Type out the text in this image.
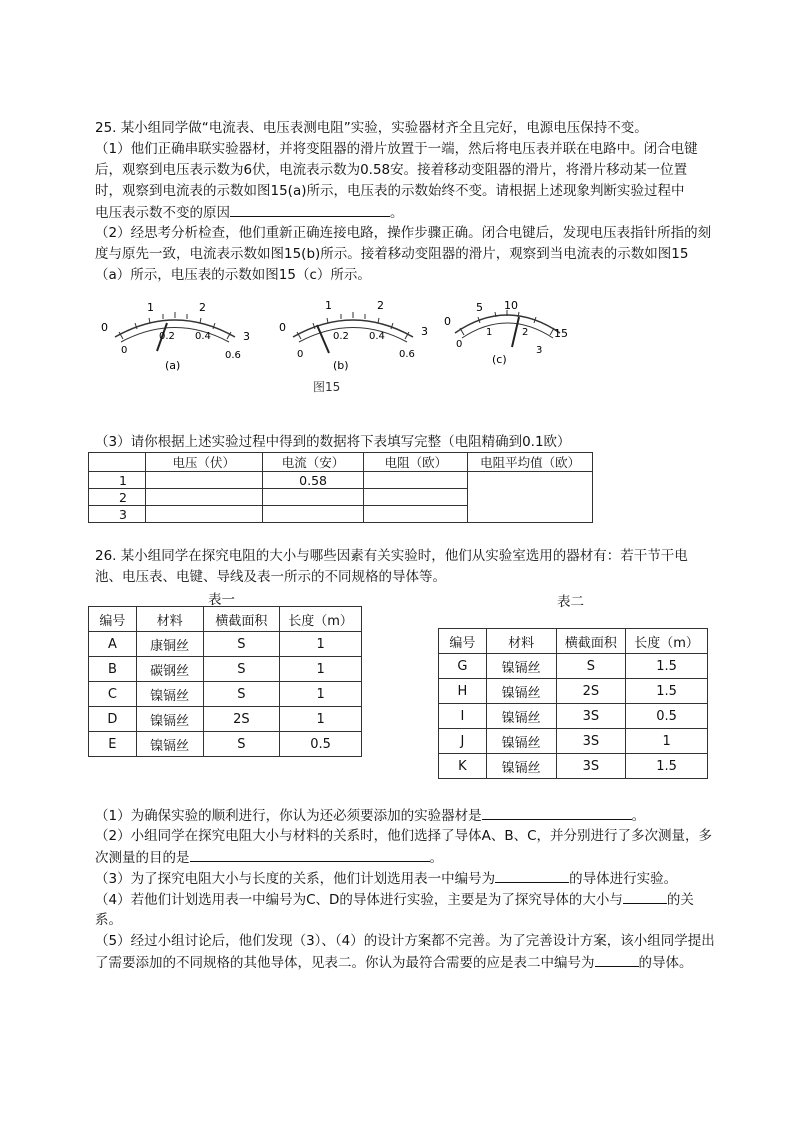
25. 某小组同学做“电流表、电压表测电阻”实验，实验器材齐全且完好，电源电压保持不变。
（1）他们正确串联实验器材，并将变阻器的滑片放置于一端，然后将电压表并联在电路中。闭合电键
后，观察到电压表示数为6伏，电流表示数为0.58安。接着移动变阻器的滑片，将滑片移动某一位置
时，观察到电流表的示数如图15(a)所示，电压表的示数始终不变。请根据上述现象判断实验过程中
电压表示数不变的原因	。
（2）经思考分析检查，他们重新正确连接电路，操作步骤正确。闭合电键后，发现电压表指针所指的刻
度与原先一致，电流表示数如图15(b)所示。接着移动变阻器的滑片，观察到当电流表的示数如图15
（a）所示，电压表的示数如图15（c）所示。
0
1	2
3
0
0.2 0.4
0.6
(a)
0
1	2
3
0
0.2 0.4
0.6
(b)
0
5 10
15
0
1	2
3
(c)
图15
（3）请你根据上述实验过程中得到的数据将下表填写完整（电阻精确到0.1欧）
	电压（伏）	电流（安）	电阻（欧）	电阻平均值（欧）
1		0.58		
2				
3				
26. 某小组同学在探究电阻的大小与哪些因素有关实验时，他们从实验室选用的器材有：若干节干电
池、电压表、电键、导线及表一所示的不同规格的导体等。
表一	表二
编号	材料	横截面积	长度（m）
A	康铜丝	S	1
B	碳钢丝	S	1
C	镍镉丝	S	1
D	镍镉丝	2S	1
E	镍镉丝	S	0.5
编号	材料	横截面积	长度（m）
G	镍镉丝	S	1.5
H	镍镉丝	2S	1.5
I	镍镉丝	3S	0.5
J	镍镉丝	3S	1
K	镍镉丝	3S	1.5
（1）为确保实验的顺利进行，你认为还必须要添加的实验器材是	。
（2）小组同学在探究电阻大小与材料的关系时，他们选择了导体A、B、C，并分别进行了多次测量，多
次测量的目的是	。
（3）为了探究电阻大小与长度的关系，他们计划选用表一中编号为	的导体进行实验。
（4）若他们计划选用表一中编号为C、D的导体进行实验，主要是为了探究导体的大小与	的关
系。
（5）经过小组讨论后，他们发现（3）、（4）的设计方案都不完善。为了完善设计方案，该小组同学提出
了需要添加的不同规格的其他导体，见表二。你认为最符合需要的应是表二中编号为	的导体。
